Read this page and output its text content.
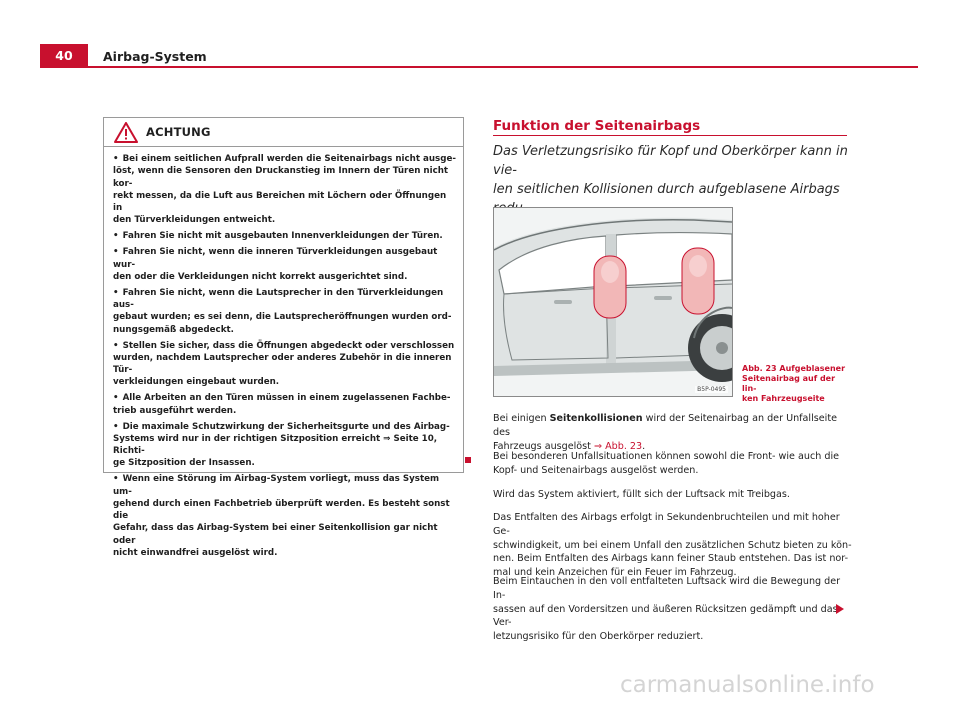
40	Airbag-System
ACHTUNG
• Bei einem seitlichen Aufprall werden die Seitenairbags nicht ausge-
löst, wenn die Sensoren den Druckanstieg im Innern der Türen nicht kor-
rekt messen, da die Luft aus Bereichen mit Löchern oder Öffnungen in
den Türverkleidungen entweicht.
• Fahren Sie nicht mit ausgebauten Innenverkleidungen der Türen.
• Fahren Sie nicht, wenn die inneren Türverkleidungen ausgebaut wur-
den oder die Verkleidungen nicht korrekt ausgerichtet sind.
• Fahren Sie nicht, wenn die Lautsprecher in den Türverkleidungen aus-
gebaut wurden; es sei denn, die Lautsprecheröffnungen wurden ord-
nungsgemäß abgedeckt.
• Stellen Sie sicher, dass die Öffnungen abgedeckt oder verschlossen
wurden, nachdem Lautsprecher oder anderes Zubehör in die inneren Tür-
verkleidungen eingebaut wurden.
• Alle Arbeiten an den Türen müssen in einem zugelassenen Fachbe-
trieb ausgeführt werden.
• Die maximale Schutzwirkung der Sicherheitsgurte und des Airbag-
Systems wird nur in der richtigen Sitzposition erreicht ⇒ Seite 10, Richti-
ge Sitzposition der Insassen.
• Wenn eine Störung im Airbag-System vorliegt, muss das System um-
gehend durch einen Fachbetrieb überprüft werden. Es besteht sonst die
Gefahr, dass das Airbag-System bei einer Seitenkollision gar nicht oder
nicht einwandfrei ausgelöst wird.
Funktion der Seitenairbags
Das Verletzungsrisiko für Kopf und Oberkörper kann in vie-
len seitlichen Kollisionen durch aufgeblasene Airbags

B5P-0495
Abb. 23 Aufgeblasener
Seitenairbag auf der lin-
ken Fahrzeugseite
Bei einigen Seitenkollisionen wird der Seitenairbag an der Unfallseite des
Fahrzeugs ausgelöst ⇒ Abb. 23.
Bei besonderen Unfallsituationen können sowohl die Front- wie auch die
Kopf- und Seitenairbags ausgelöst werden.
Wird das System aktiviert, füllt sich der Luftsack mit Treibgas.
Das Entfalten des Airbags erfolgt in Sekundenbruchteilen und mit hoher Ge-
schwindigkeit, um bei einem Unfall den zusätzlichen Schutz bieten zu kön-
nen. Beim Entfalten des Airbags kann feiner Staub entstehen. Das ist nor-
mal und kein Anzeichen für ein Feuer im Fahrzeug.
Beim Eintauchen in den voll entfalteten Luftsack wird die Bewegung der In-
sassen auf den Vordersitzen und äußeren Rücksitzen gedämpft und das Ver-
letzungsrisiko für den Oberkörper reduziert.
carmanualsonline.info
